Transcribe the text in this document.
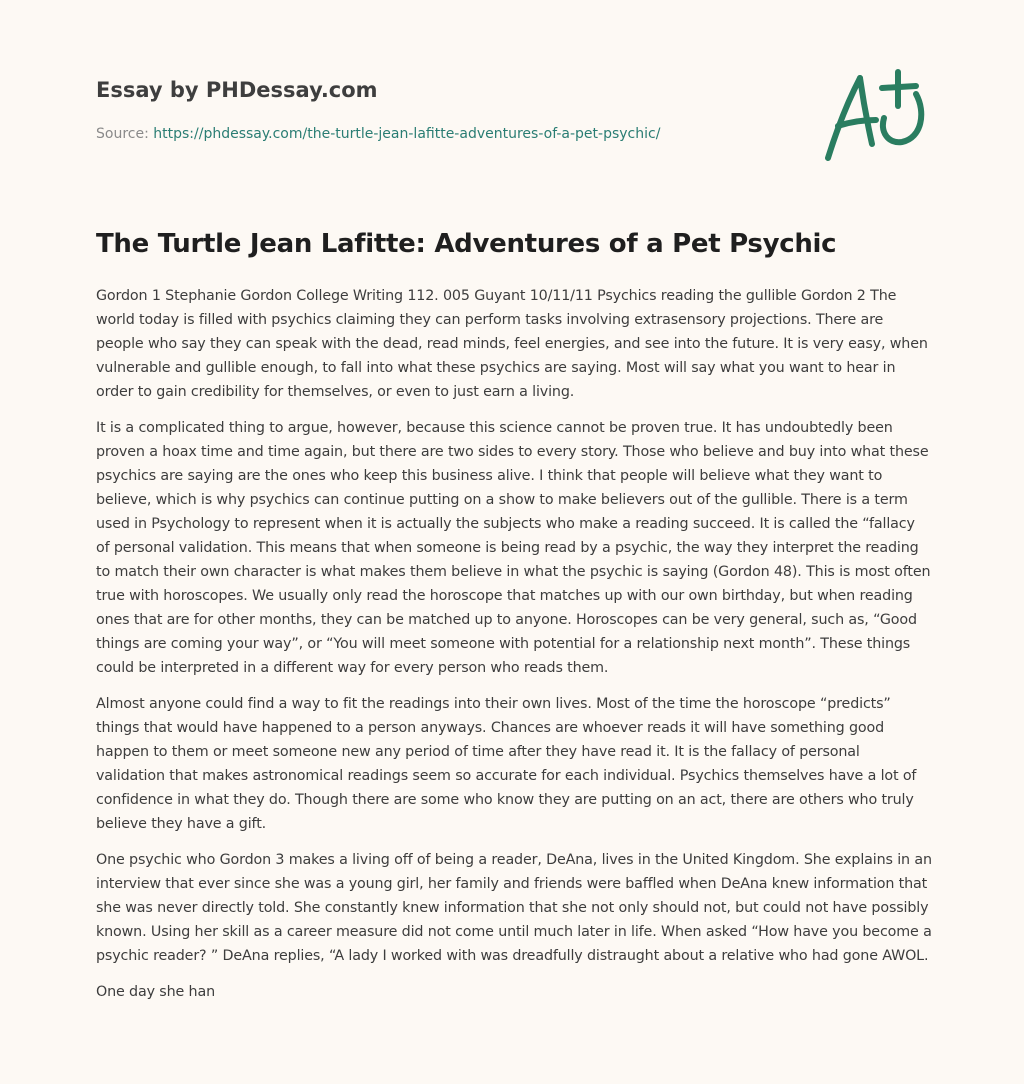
Essay by PHDessay.com
Source: https://phdessay.com/the-turtle-jean-lafitte-adventures-of-a-pet-psychic/
The Turtle Jean Lafitte: Adventures of a Pet Psychic

Gordon 1 Stephanie Gordon College Writing 112. 005 Guyant 10/11/11 Psychics reading the gullible Gordon 2 The world today is filled with psychics claiming they can perform tasks involving extrasensory projections. There are people who say they can speak with the dead, read minds, feel energies, and see into the future. It is very easy, when vulnerable and gullible enough, to fall into what these psychics are saying. Most will say what you want to hear in order to gain credibility for themselves, or even to just earn a living.

It is a complicated thing to argue, however, because this science cannot be proven true. It has undoubtedly been proven a hoax time and time again, but there are two sides to every story. Those who believe and buy into what these psychics are saying are the ones who keep this business alive. I think that people will believe what they want to believe, which is why psychics can continue putting on a show to make believers out of the gullible. There is a term used in Psychology to represent when it is actually the subjects who make a reading succeed. It is called the “fallacy of personal validation. This means that when someone is being read by a psychic, the way they interpret the reading to match their own character is what makes them believe in what the psychic is saying (Gordon 48). This is most often true with horoscopes. We usually only read the horoscope that matches up with our own birthday, but when reading ones that are for other months, they can be matched up to anyone. Horoscopes can be very general, such as, “Good things are coming your way”, or “You will meet someone with potential for a relationship next month”. These things could be interpreted in a different way for every person who reads them.

Almost anyone could find a way to fit the readings into their own lives. Most of the time the horoscope “predicts” things that would have happened to a person anyways. Chances are whoever reads it will have something good happen to them or meet someone new any period of time after they have read it. It is the fallacy of personal validation that makes astronomical readings seem so accurate for each individual. Psychics themselves have a lot of confidence in what they do. Though there are some who know they are putting on an act, there are others who truly believe they have a gift.

One psychic who Gordon 3 makes a living off of being a reader, DeAna, lives in the United Kingdom. She explains in an interview that ever since she was a young girl, her family and friends were baffled when DeAna knew information that she was never directly told. She constantly knew information that she not only should not, but could not have possibly known. Using her skill as a career measure did not come until much later in life. When asked “How have you become a psychic reader? ” DeAna replies, “A lady I worked with was dreadfully distraught about a relative who had gone AWOL.

One day she han
